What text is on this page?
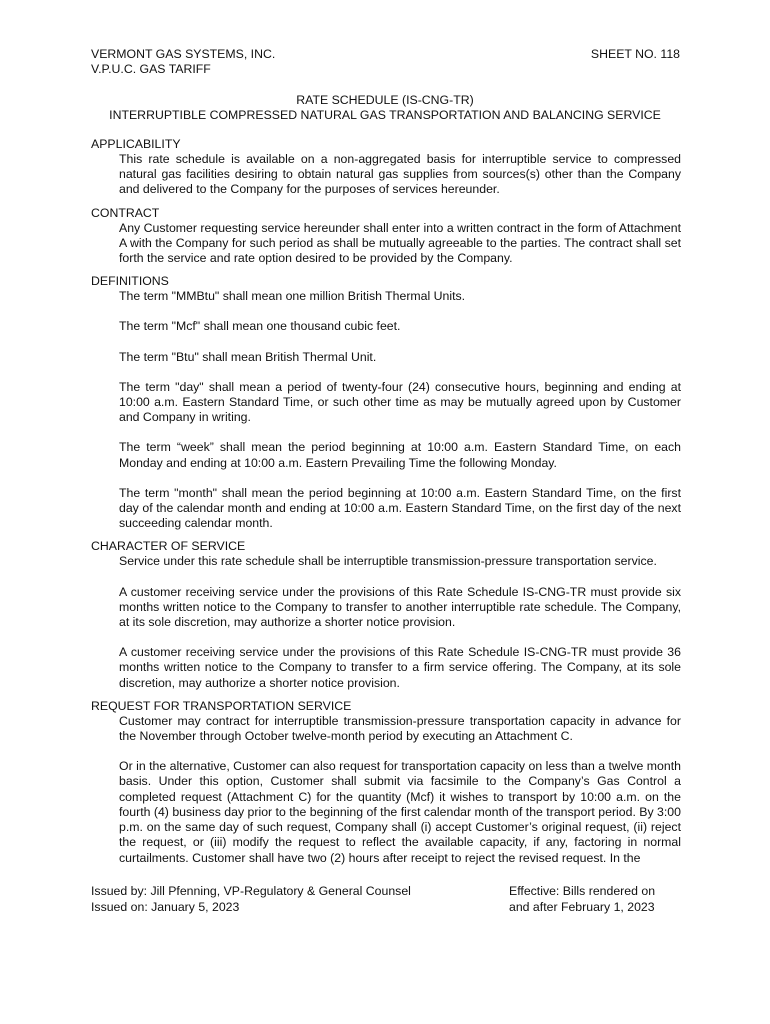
VERMONT GAS SYSTEMS, INC.
V.P.U.C. GAS TARIFF
SHEET NO. 118
RATE SCHEDULE (IS-CNG-TR)
INTERRUPTIBLE COMPRESSED NATURAL GAS TRANSPORTATION AND BALANCING SERVICE
APPLICABILITY

This rate schedule is available on a non-aggregated basis for interruptible service to compressed natural gas facilities desiring to obtain natural gas supplies from sources(s) other than the Company and delivered to the Company for the purposes of services hereunder.

CONTRACT

Any Customer requesting service hereunder shall enter into a written contract in the form of Attachment A with the Company for such period as shall be mutually agreeable to the parties. The contract shall set forth the service and rate option desired to be provided by the Company.

DEFINITIONS

The term "MMBtu" shall mean one million British Thermal Units.

The term "Mcf" shall mean one thousand cubic feet.

The term "Btu" shall mean British Thermal Unit.

The term "day" shall mean a period of twenty-four (24) consecutive hours, beginning and ending at 10:00 a.m. Eastern Standard Time, or such other time as may be mutually agreed upon by Customer and Company in writing.

The term “week” shall mean the period beginning at 10:00 a.m. Eastern Standard Time, on each Monday and ending at 10:00 a.m. Eastern Prevailing Time the following Monday.

The term "month" shall mean the period beginning at 10:00 a.m. Eastern Standard Time, on the first day of the calendar month and ending at 10:00 a.m. Eastern Standard Time, on the first day of the next succeeding calendar month.

CHARACTER OF SERVICE

Service under this rate schedule shall be interruptible transmission-pressure transportation service.

A customer receiving service under the provisions of this Rate Schedule IS-CNG-TR must provide six months written notice to the Company to transfer to another interruptible rate schedule. The Company, at its sole discretion, may authorize a shorter notice provision.

A customer receiving service under the provisions of this Rate Schedule IS-CNG-TR must provide 36 months written notice to the Company to transfer to a firm service offering. The Company, at its sole discretion, may authorize a shorter notice provision.

REQUEST FOR TRANSPORTATION SERVICE

Customer may contract for interruptible transmission-pressure transportation capacity in advance for the November through October twelve-month period by executing an Attachment C.

Or in the alternative, Customer can also request for transportation capacity on less than a twelve month basis. Under this option, Customer shall submit via facsimile to the Company’s Gas Control a completed request (Attachment C) for the quantity (Mcf) it wishes to transport by 10:00 a.m. on the fourth (4) business day prior to the beginning of the first calendar month of the transport period. By 3:00 p.m. on the same day of such request, Company shall (i) accept Customer’s original request, (ii) reject the request, or (iii) modify the request to reflect the available capacity, if any, factoring in normal curtailments. Customer shall have two (2) hours after receipt to reject the revised request. In the

Issued by: Jill Pfenning, VP-Regulatory & General Counsel
Issued on: January 5, 2023
Effective: Bills rendered on
and after February 1, 2023
